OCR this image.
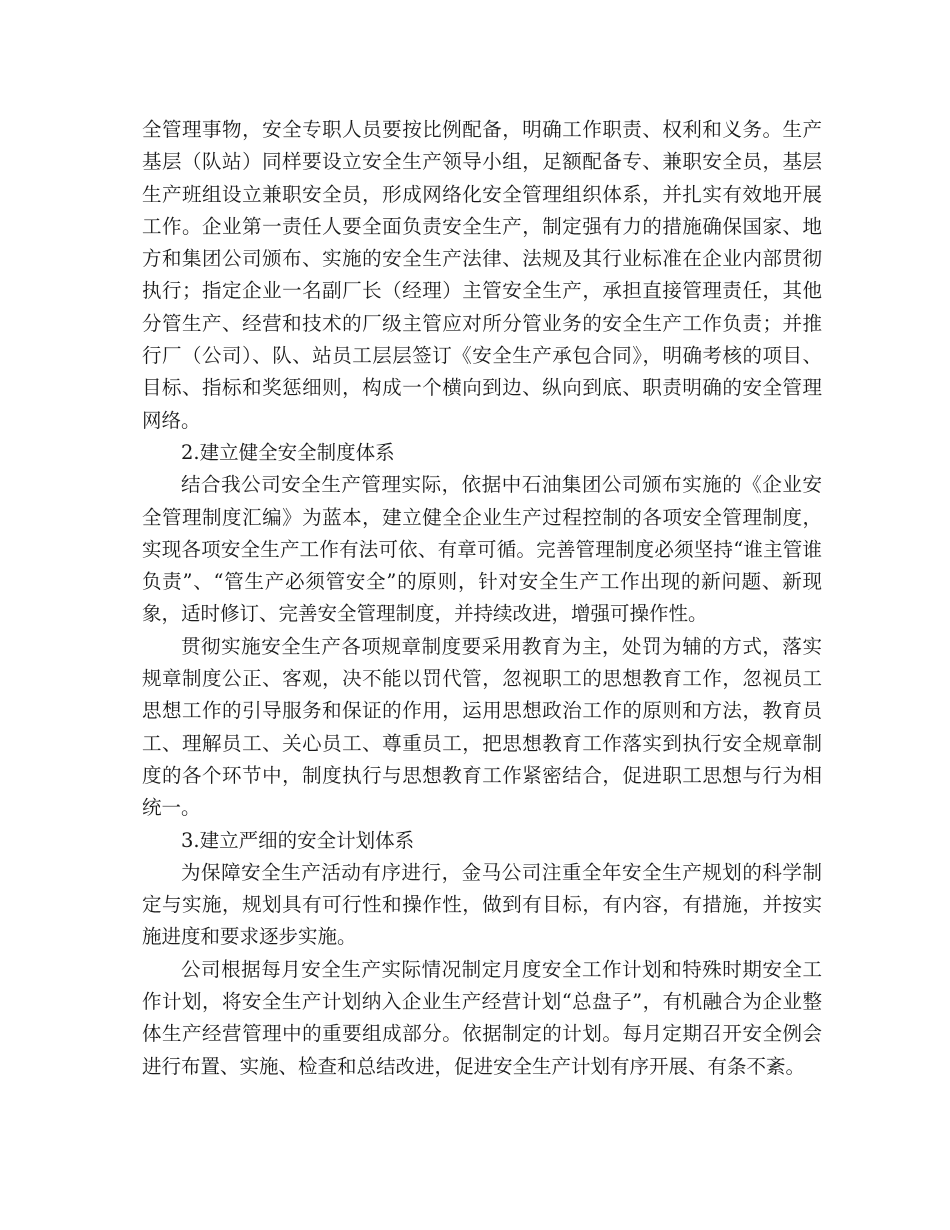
全管理事物，安全专职人员要按比例配备，明确工作职责、权利和义务。生产基层（队站）同样要设立安全生产领导小组，足额配备专、兼职安全员，基层生产班组设立兼职安全员，形成网络化安全管理组织体系，并扎实有效地开展工作。企业第一责任人要全面负责安全生产，制定强有力的措施确保国家、地方和集团公司颁布、实施的安全生产法律、法规及其行业标准在企业内部贯彻执行；指定企业一名副厂长（经理）主管安全生产，承担直接管理责任，其他分管生产、经营和技术的厂级主管应对所分管业务的安全生产工作负责；并推行厂（公司）、队、站员工层层签订《安全生产承包合同》，明确考核的项目、目标、指标和奖惩细则，构成一个横向到边、纵向到底、职责明确的安全管理网络。

2.建立健全安全制度体系

结合我公司安全生产管理实际，依据中石油集团公司颁布实施的《企业安全管理制度汇编》为蓝本，建立健全企业生产过程控制的各项安全管理制度，实现各项安全生产工作有法可依、有章可循。完善管理制度必须坚持“谁主管谁负责”、“管生产必须管安全”的原则，针对安全生产工作出现的新问题、新现象，适时修订、完善安全管理制度，并持续改进，增强可操作性。

贯彻实施安全生产各项规章制度要采用教育为主，处罚为辅的方式，落实规章制度公正、客观，决不能以罚代管，忽视职工的思想教育工作，忽视员工思想工作的引导服务和保证的作用，运用思想政治工作的原则和方法，教育员工、理解员工、关心员工、尊重员工，把思想教育工作落实到执行安全规章制度的各个环节中，制度执行与思想教育工作紧密结合，促进职工思想与行为相统一。

3.建立严细的安全计划体系

为保障安全生产活动有序进行，金马公司注重全年安全生产规划的科学制定与实施，规划具有可行性和操作性，做到有目标，有内容，有措施，并按实施进度和要求逐步实施。

公司根据每月安全生产实际情况制定月度安全工作计划和特殊时期安全工作计划，将安全生产计划纳入企业生产经营计划“总盘子”，有机融合为企业整体生产经营管理中的重要组成部分。依据制定的计划。每月定期召开安全例会进行布置、实施、检查和总结改进，促进安全生产计划有序开展、有条不紊。
